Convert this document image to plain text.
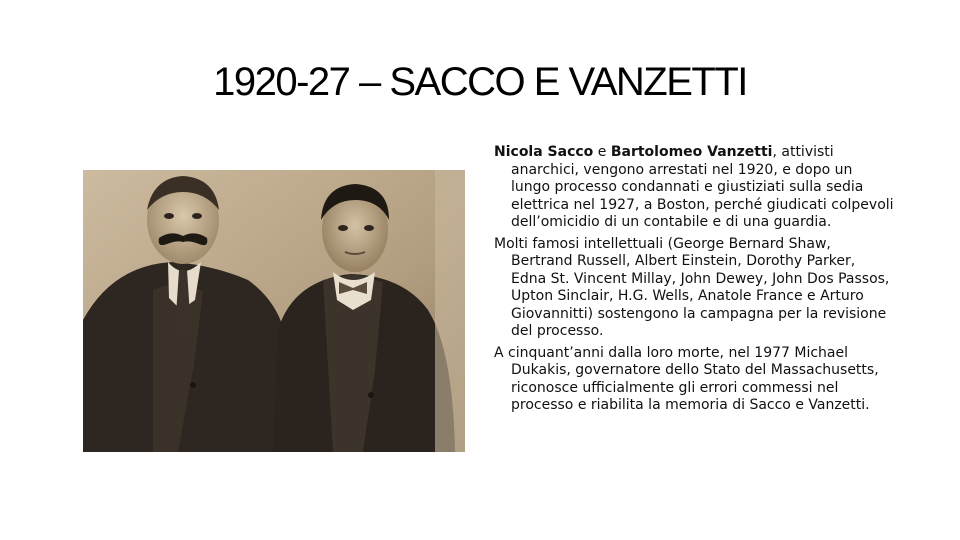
1920-27 – SACCO E VANZETTI

Nicola Sacco e Bartolomeo Vanzetti, attivisti anarchici, vengono arrestati nel 1920, e dopo un lungo processo condannati e giustiziati sulla sedia elettrica nel 1927, a Boston, perché giudicati colpevoli dell’omicidio di un contabile e di una guardia.

Molti famosi intellettuali (George Bernard Shaw, Bertrand Russell, Albert Einstein, Dorothy Parker, Edna St. Vincent Millay, John Dewey, John Dos Passos, Upton Sinclair, H.G. Wells, Anatole France e Arturo Giovannitti) sostengono la campagna per la revisione del processo.

A cinquant’anni dalla loro morte, nel 1977 Michael Dukakis, governatore dello Stato del Massachusetts, riconosce ufficialmente gli errori commessi nel processo e riabilita la memoria di Sacco e Vanzetti.
